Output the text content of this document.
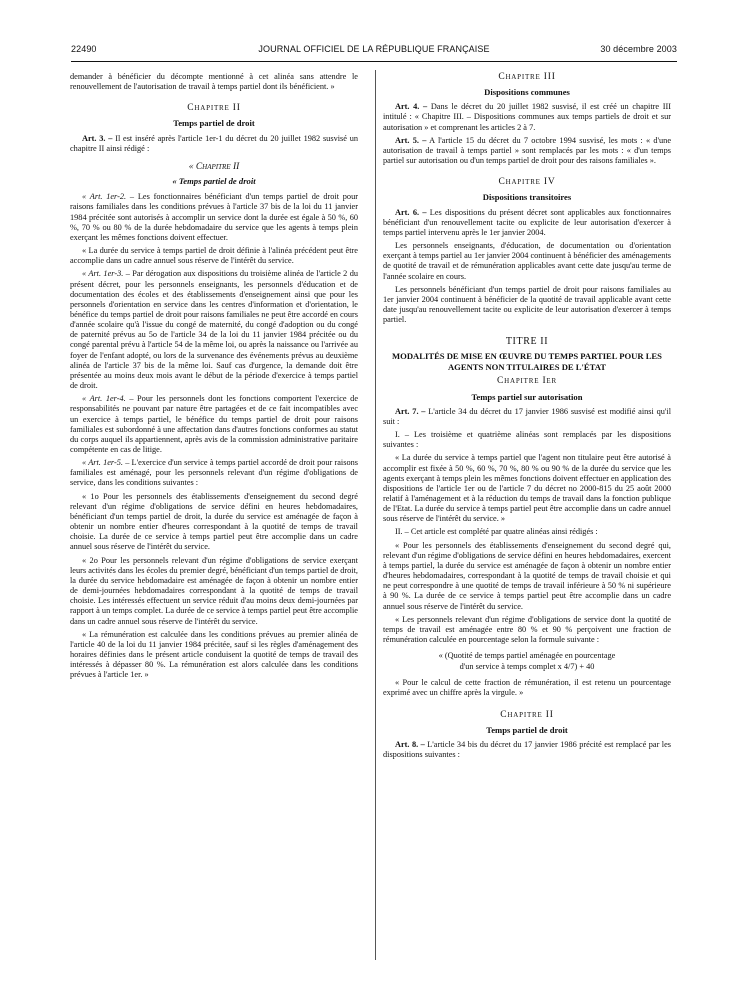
22490	JOURNAL OFFICIEL DE LA RÉPUBLIQUE FRANÇAISE	30 décembre 2003

demander à bénéficier du décompte mentionné à cet alinéa sans attendre le renouvellement de l'autorisation de travail à temps partiel dont ils bénéficient. »

Chapitre II
Temps partiel de droit

Art. 3. – Il est inséré après l'article 1er-1 du décret du 20 juillet 1982 susvisé un chapitre II ainsi rédigé :

« Chapitre II
« Temps partiel de droit

« Art. 1er-2. – Les fonctionnaires bénéficiant d'un temps partiel de droit pour raisons familiales dans les conditions prévues à l'article 37 bis de la loi du 11 janvier 1984 précitée sont autorisés à accomplir un service dont la durée est égale à 50 %, 60 %, 70 % ou 80 % de la durée hebdomadaire du service que les agents à temps plein exerçant les mêmes fonctions doivent effectuer.

« La durée du service à temps partiel de droit définie à l'alinéa précédent peut être accomplie dans un cadre annuel sous réserve de l'intérêt du service.

« Art. 1er-3. – Par dérogation aux dispositions du troisième alinéa de l'article 2 du présent décret, pour les personnels enseignants, les personnels d'éducation et de documentation des écoles et des établissements d'enseignement ainsi que pour les personnels d'orientation en service dans les centres d'information et d'orientation, le bénéfice du temps partiel de droit pour raisons familiales ne peut être accordé en cours d'année scolaire qu'à l'issue du congé de maternité, du congé d'adoption ou du congé de paternité prévus au 5o de l'article 34 de la loi du 11 janvier 1984 précitée ou du congé parental prévu à l'article 54 de la même loi, ou après la naissance ou l'arrivée au foyer de l'enfant adopté, ou lors de la survenance des événements prévus au deuxième alinéa de l'article 37 bis de la même loi. Sauf cas d'urgence, la demande doit être présentée au moins deux mois avant le début de la période d'exercice à temps partiel de droit.

« Art. 1er-4. – Pour les personnels dont les fonctions comportent l'exercice de responsabilités ne pouvant par nature être partagées et de ce fait incompatibles avec un exercice à temps partiel, le bénéfice du temps partiel de droit pour raisons familiales est subordonné à une affectation dans d'autres fonctions conformes au statut du corps auquel ils appartiennent, après avis de la commission administrative paritaire compétente en cas de litige.

« Art. 1er-5. – L'exercice d'un service à temps partiel accordé de droit pour raisons familiales est aménagé, pour les personnels relevant d'un régime d'obligations de service, dans les conditions suivantes :

« 1o Pour les personnels des établissements d'enseignement du second degré relevant d'un régime d'obligations de service défini en heures hebdomadaires, bénéficiant d'un temps partiel de droit, la durée du service est aménagée de façon à obtenir un nombre entier d'heures correspondant à la quotité de temps de travail choisie. La durée de ce service à temps partiel peut être accomplie dans un cadre annuel sous réserve de l'intérêt du service.

« 2o Pour les personnels relevant d'un régime d'obligations de service exerçant leurs activités dans les écoles du premier degré, bénéficiant d'un temps partiel de droit, la durée du service hebdomadaire est aménagée de façon à obtenir un nombre entier de demi-journées hebdomadaires correspondant à la quotité de temps de travail choisie. Les intéressés effectuent un service réduit d'au moins deux demi-journées par rapport à un temps complet. La durée de ce service à temps partiel peut être accomplie dans un cadre annuel sous réserve de l'intérêt du service.

« La rémunération est calculée dans les conditions prévues au premier alinéa de l'article 40 de la loi du 11 janvier 1984 précitée, sauf si les règles d'aménagement des horaires définies dans le présent article conduisent la quotité de temps de travail des intéressés à dépasser 80 %. La rémunération est alors calculée dans les conditions prévues à l'article 1er. »

Chapitre III
Dispositions communes

Art. 4. – Dans le décret du 20 juillet 1982 susvisé, il est créé un chapitre III intitulé : « Chapitre III. – Dispositions communes aux temps partiels de droit et sur autorisation » et comprenant les articles 2 à 7.

Art. 5. – A l'article 15 du décret du 7 octobre 1994 susvisé, les mots : « d'une autorisation de travail à temps partiel » sont remplacés par les mots : « d'un temps partiel sur autorisation ou d'un temps partiel de droit pour des raisons familiales ».

Chapitre IV
Dispositions transitoires

Art. 6. – Les dispositions du présent décret sont applicables aux fonctionnaires bénéficiant d'un renouvellement tacite ou explicite de leur autorisation d'exercer à temps partiel intervenu après le 1er janvier 2004.

Les personnels enseignants, d'éducation, de documentation ou d'orientation exerçant à temps partiel au 1er janvier 2004 continuent à bénéficier des aménagements de quotité de travail et de rémunération applicables avant cette date jusqu'au terme de l'année scolaire en cours.

Les personnels bénéficiant d'un temps partiel de droit pour raisons familiales au 1er janvier 2004 continuent à bénéficier de la quotité de travail applicable avant cette date jusqu'au renouvellement tacite ou explicite de leur autorisation d'exercer à temps partiel.

TITRE II
MODALITÉS DE MISE EN ŒUVRE DU TEMPS PARTIEL POUR LES AGENTS NON TITULAIRES DE L'ÉTAT
Chapitre Ier
Temps partiel sur autorisation

Art. 7. – L'article 34 du décret du 17 janvier 1986 susvisé est modifié ainsi qu'il suit :

I. – Les troisième et quatrième alinéas sont remplacés par les dispositions suivantes :

« La durée du service à temps partiel que l'agent non titulaire peut être autorisé à accomplir est fixée à 50 %, 60 %, 70 %, 80 % ou 90 % de la durée du service que les agents exerçant à temps plein les mêmes fonctions doivent effectuer en application des dispositions de l'article 1er ou de l'article 7 du décret no 2000-815 du 25 août 2000 relatif à l'aménagement et à la réduction du temps de travail dans la fonction publique de l'Etat. La durée du service à temps partiel peut être accomplie dans un cadre annuel sous réserve de l'intérêt du service. »

II. – Cet article est complété par quatre alinéas ainsi rédigés :

« Pour les personnels des établissements d'enseignement du second degré qui, relevant d'un régime d'obligations de service défini en heures hebdomadaires, exercent à temps partiel, la durée du service est aménagée de façon à obtenir un nombre entier d'heures hebdomadaires, correspondant à la quotité de temps de travail choisie et qui ne peut correspondre à une quotité de temps de travail inférieure à 50 % ni supérieure à 90 %. La durée de ce service à temps partiel peut être accomplie dans un cadre annuel sous réserve de l'intérêt du service.

« Les personnels relevant d'un régime d'obligations de service dont la quotité de temps de travail est aménagée entre 80 % et 90 % perçoivent une fraction de rémunération calculée en pourcentage selon la formule suivante :

« (Quotité de temps partiel aménagée en pourcentage
d'un service à temps complet x 4/7) + 40

« Pour le calcul de cette fraction de rémunération, il est retenu un pourcentage exprimé avec un chiffre après la virgule. »

Chapitre II
Temps partiel de droit

Art. 8. – L'article 34 bis du décret du 17 janvier 1986 précité est remplacé par les dispositions suivantes :
